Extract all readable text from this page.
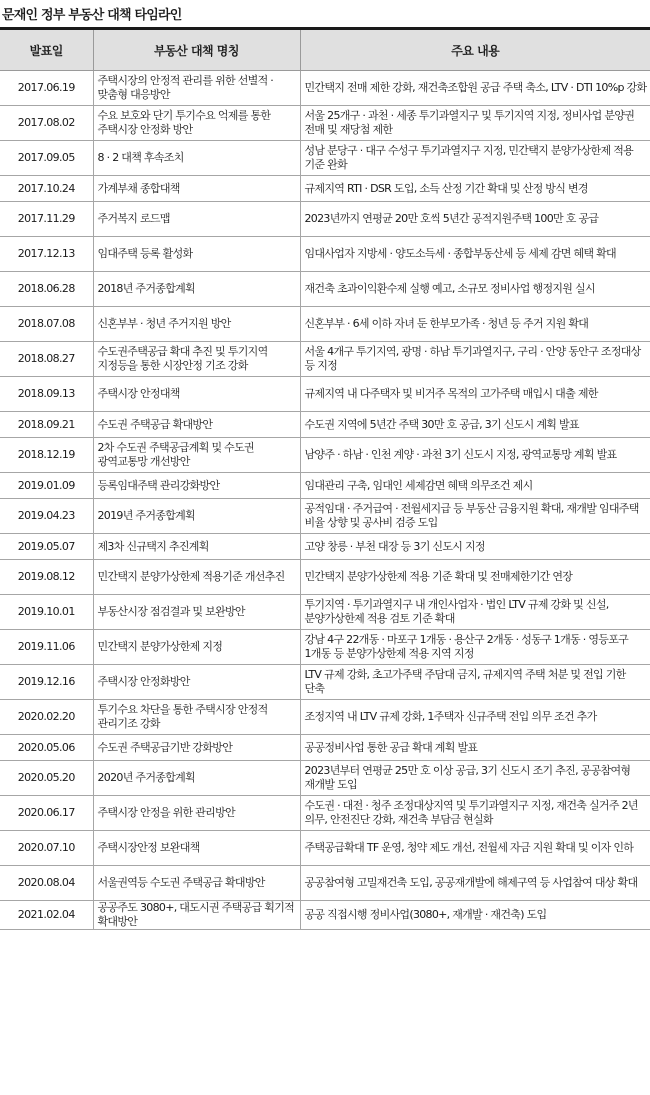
문재인 정부 부동산 대책 타임라인
발표일	부동산 대책 명칭	주요 내용
2017.06.19	주택시장의 안정적 관리를 위한 선별적 · 맞춤형 대응방안	민간택지 전매 제한 강화, 재건축조합원 공급 주택 축소, LTV · DTI 10%p 강화
2017.08.02	수요 보호와 단기 투기수요 억제를 통한 주택시장 안정화 방안	서울 25개구 · 과천 · 세종 투기과열지구 및 투기지역 지정, 정비사업 분양권 전매 및 재당첨 제한
2017.09.05	8 · 2 대책 후속조치	성남 분당구 · 대구 수성구 투기과열지구 지정, 민간택지 분양가상한제 적용 기준 완화
2017.10.24	가계부채 종합대책	규제지역 RTI · DSR 도입, 소득 산정 기간 확대 및 산정 방식 변경
2017.11.29	주거복지 로드맵	2023년까지 연평균 20만 호씩 5년간 공적지원주택 100만 호 공급
2017.12.13	임대주택 등록 활성화	임대사업자 지방세 · 양도소득세 · 종합부동산세 등 세제 감면 혜택 확대
2018.06.28	2018년 주거종합계획	재건축 초과이익환수제 실행 예고, 소규모 정비사업 행정지원 실시
2018.07.08	신혼부부 · 청년 주거지원 방안	신혼부부 · 6세 이하 자녀 둔 한부모가족 · 청년 등 주거 지원 확대
2018.08.27	수도권주택공급 확대 추진 및 투기지역 지정등을 통한 시장안정 기조 강화	서울 4개구 투기지역, 광명 · 하남 투기과열지구, 구리 · 안양 동안구 조정대상 등 지정
2018.09.13	주택시장 안정대책	규제지역 내 다주택자 및 비거주 목적의 고가주택 매입시 대출 제한
2018.09.21	수도권 주택공급 확대방안	수도권 지역에 5년간 주택 30만 호 공급, 3기 신도시 계획 발표
2018.12.19	2차 수도권 주택공급계획 및 수도권 광역교통망 개선방안	남양주 · 하남 · 인천 계양 · 과천 3기 신도시 지정, 광역교통망 계획 발표
2019.01.09	등록임대주택 관리강화방안	임대관리 구축, 임대인 세제감면 혜택 의무조건 제시
2019.04.23	2019년 주거종합계획	공적임대 · 주거급여 · 전월세지급 등 부동산 금융지원 확대, 재개발 임대주택 비율 상향 및 공사비 검증 도입
2019.05.07	제3차 신규택지 추진계획	고양 창릉 · 부천 대장 등 3기 신도시 지정
2019.08.12	민간택지 분양가상한제 적용기준 개선추진	민간택지 분양가상한제 적용 기준 확대 및 전매제한기간 연장
2019.10.01	부동산시장 점검결과 및 보완방안	투기지역 · 투기과열지구 내 개인사업자 · 법인 LTV 규제 강화 및 신설, 분양가상한제 적용 검토 기준 확대
2019.11.06	민간택지 분양가상한제 지정	강남 4구 22개동 · 마포구 1개동 · 용산구 2개동 · 성동구 1개동 · 영등포구 1개동 등 분양가상한제 적용 지역 지정
2019.12.16	주택시장 안정화방안	LTV 규제 강화, 초고가주택 주담대 금지, 규제지역 주택 처분 및 전입 기한 단축
2020.02.20	투기수요 차단을 통한 주택시장 안정적 관리기조 강화	조정지역 내 LTV 규제 강화, 1주택자 신규주택 전입 의무 조건 추가
2020.05.06	수도권 주택공급기반 강화방안	공공정비사업 통한 공급 확대 계획 발표
2020.05.20	2020년 주거종합계획	2023년부터 연평균 25만 호 이상 공급, 3기 신도시 조기 추진, 공공참여형 재개발 도입
2020.06.17	주택시장 안정을 위한 관리방안	수도권 · 대전 · 청주 조정대상지역 및 투기과열지구 지정, 재건축 실거주 2년 의무, 안전진단 강화, 재건축 부담금 현실화
2020.07.10	주택시장안정 보완대책	주택공급확대 TF 운영, 청약 제도 개선, 전월세 자금 지원 확대 및 이자 인하
2020.08.04	서울권역등 수도권 주택공급 확대방안	공공참여형 고밀재건축 도입, 공공재개발에 해제구역 등 사업참여 대상 확대
2021.02.04	공공주도 3080+, 대도시권 주택공급 획기적 확대방안	공공 직접시행 정비사업(3080+, 재개발 · 재건축) 도입
